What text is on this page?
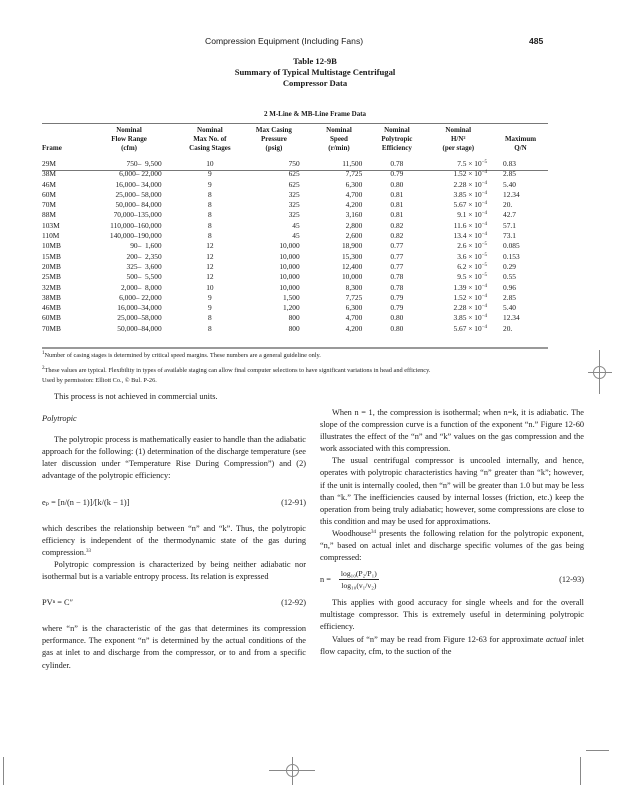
Compression Equipment (Including Fans)	485
Table 12-9B
Summary of Typical Multistage Centrifugal
Compressor Data
2 M-Line & MB-Line Frame Data

Frame

Nominal
Flow Range
(cfm)

Nominal
Max No. of
Casing Stages

Max Casing
Pressure
(psig)

Nominal
Speed
(r/min)

Nominal
Polytropic
Efficiency

Nominal
H/N²
(per stage)

Maximum
Q/N

29M	750–  9,500	10	750	11,500	0.78	$7.5 \times 10^{-5}$	0.83
38M	6,000– 22,000	9	625	7,725	0.79	$1.52 \times 10^{-4}$	2.85
46M	16,000– 34,000	9	625	6,300	0.80	$2.28 \times 10^{-4}$	5.40
60M	25,000– 58,000	8	325	4,700	0.81	$3.85 \times 10^{-4}$	12.34
70M	50,000– 84,000	8	325	4,200	0.81	$5.67 \times 10^{-4}$	20.
88M	70,000–135,000	8	325	3,160	0.81	$9.1 \times 10^{-4}$	42.7
103M	110,000–160,000	8	45	2,800	0.82	$11.6 \times 10^{-4}$	57.1
110M	140,000–190,000	8	45	2,600	0.82	$13.4 \times 10^{-4}$	73.1
10MB	90–  1,600	12	10,000	18,900	0.77	$2.6 \times 10^{-5}$	0.085
15MB	200–  2,350	12	10,000	15,300	0.77	$3.6 \times 10^{-5}$	0.153
20MB	325–  3,600	12	10,000	12,400	0.77	$6.2 \times 10^{-5}$	0.29
25MB	500–  5,500	12	10,000	10,000	0.78	$9.5 \times 10^{-5}$	0.55
32MB	2,000–  8,000	10	10,000	8,300	0.78	$1.39 \times 10^{-4}$	0.96
38MB	6,000– 22,000	9	1,500	7,725	0.79	$1.52 \times 10^{-4}$	2.85
46MB	16,000–34,000	9	1,200	6,300	0.79	$2.28 \times 10^{-4}$	5.40
60MB	25,000–58,000	8	800	4,700	0.80	$3.85 \times 10^{-4}$	12.34
70MB	50,000–84,000	8	800	4,200	0.80	$5.67 \times 10^{-4}$	20.

$^1$Number of casing stages is determined by critical speed margins. These numbers are a general guideline only.

$^2$These values are typical. Flexibility in types of available staging can allow final computer selections to have significant variations in head and efficiency.

Used by permission: Elliott Co., © Bul. P-26.

This process is not achieved in commercial units.

Polytropic

The polytropic process is mathematically easier to handle than the adiabatic approach for the following: (1) determination of the discharge temperature (see later discussion under “Temperature Rise During Compression”) and (2) advantage of the polytropic efficiency:

eₚ = [n/(n − 1)]/[k/(k − 1)]	(12-91)

which describes the relationship between “n” and “k”. Thus, the polytropic efficiency is independent of the thermodynamic state of the gas during compression.$^{33}$

Polytropic compression is characterized by being neither adiabatic nor isothermal but is a variable entropy process. Its relation is expressed

PVⁿ = C″	(12-92)

where “n” is the characteristic of the gas that determines its compression performance. The exponent “n” is determined by the actual conditions of the gas at inlet to and discharge from the compressor, or to and from a specific cylinder.

When n = 1, the compression is isothermal; when n=k, it is adiabatic. The slope of the compression curve is a function of the exponent “n.” Figure 12-60 illustrates the effect of the “n” and “k” values on the gas compression and the work associated with this compression.

The usual centrifugal compressor is uncooled internally, and hence, operates with polytropic characteristics having “n” greater than “k”; however, if the unit is internally cooled, then “n” will be greater than 1.0 but may be less than “k.” The inefficiencies caused by internal losses (friction, etc.) keep the operation from being truly adiabatic; however, some compressions are close to this condition and may be used for approximations.

Woodhouse$^{34}$ presents the following relation for the polytropic exponent, “n,” based on actual inlet and discharge specific volumes of the gas being compressed:

$n = \frac{\text{log₁₀(P₂/P₁)}}{\text{log₁₀(v₁/v₂)}}$	(12-93)

This applies with good accuracy for single wheels and for the overall multistage compressor. This is extremely useful in determining polytropic efficiency.

Values of “n” may be read from Figure 12-63 for approximate actual inlet flow capacity, cfm, to the suction of the
